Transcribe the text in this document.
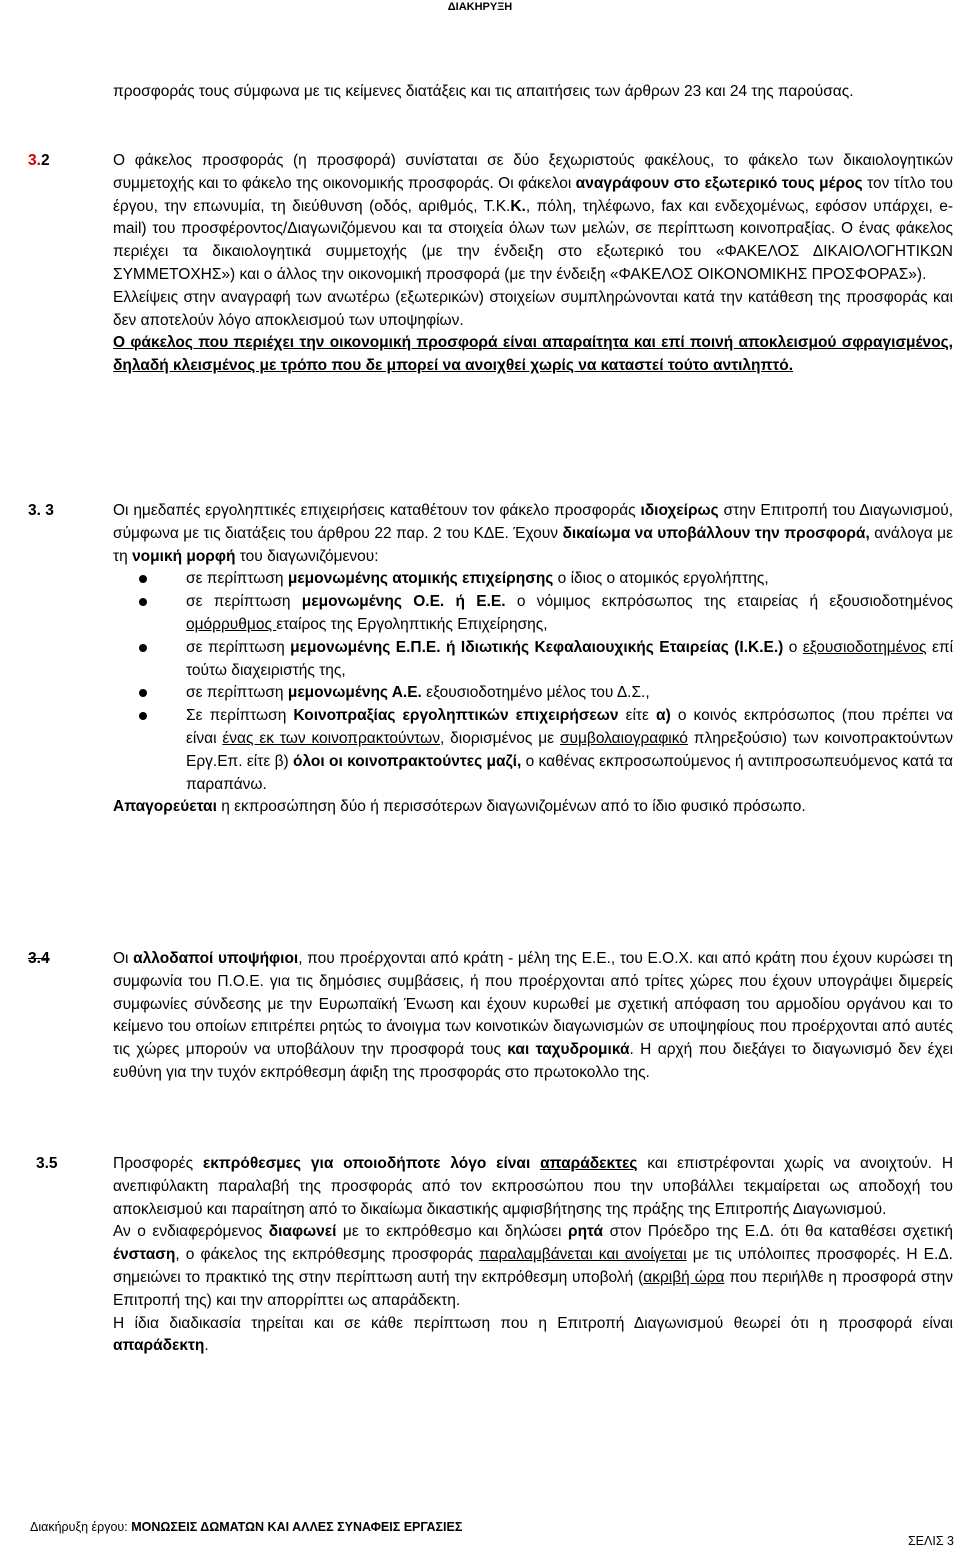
ΔΙΑΚΗΡΥΞΗ

προσφοράς τους σύμφωνα με τις κείμενες διατάξεις και τις απαιτήσεις των άρθρων 23 και 24 της παρούσας.

3.2	Ο φάκελος προσφοράς (η προσφορά) συνίσταται σε δύο ξεχωριστούς φακέλους, το φάκελο των δικαιολογητικών συμμετοχής και το φάκελο της οικονομικής προσφοράς. Οι φάκελοι αναγράφουν στο εξωτερικό τους μέρος τον τίτλο του έργου, την επωνυμία, τη διεύθυνση (οδός, αριθμός, Τ.Κ.Κ., πόλη, τηλέφωνο, fax και ενδεχομένως, εφόσον υπάρχει, e-mail) του προσφέροντος/Διαγωνιζόμενου και τα στοιχεία όλων των μελών, σε περίπτωση κοινοπραξίας. Ο ένας φάκελος περιέχει τα δικαιολογητικά συμμετοχής (με την ένδειξη στο εξωτερικό του «ΦΑΚΕΛΟΣ ΔΙΚΑΙΟΛΟΓΗΤΙΚΩΝ ΣΥΜΜΕΤΟΧΗΣ») και ο άλλος την οικονομική προσφορά (με την ένδειξη «ΦΑΚΕΛΟΣ ΟΙΚΟΝΟΜΙΚΗΣ ΠΡΟΣΦΟΡΑΣ»).

Ελλείψεις στην αναγραφή των ανωτέρω (εξωτερικών) στοιχείων συμπληρώνονται κατά την κατάθεση της προσφοράς και δεν αποτελούν λόγο αποκλεισμού των υποψηφίων.

Ο φάκελος που περιέχει την οικονομική προσφορά είναι απαραίτητα και επί ποινή αποκλεισμού σφραγισμένος, δηλαδή κλεισμένος με τρόπο που δε μπορεί να ανοιχθεί χωρίς να καταστεί τούτο αντιληπτό.

3. 3	Οι ημεδαπές εργοληπτικές επιχειρήσεις καταθέτουν τον φάκελο προσφοράς ιδιοχείρως στην Επιτροπή του Διαγωνισμού, σύμφωνα με τις διατάξεις του άρθρου 22 παρ. 2 του ΚΔΕ. Έχουν δικαίωμα να υποβάλλουν την προσφορά, ανάλογα με τη νομική μορφή του διαγωνιζόμενου:

σε περίπτωση μεμονωμένης ατομικής επιχείρησης ο ίδιος ο ατομικός εργολήπτης,
σε περίπτωση μεμονωμένης Ο.Ε. ή Ε.Ε. ο νόμιμος εκπρόσωπος της εταιρείας ή εξουσιοδοτημένος ομόρρυθμος εταίρος της Εργοληπτικής Επιχείρησης,
σε περίπτωση μεμονωμένης Ε.Π.Ε. ή Ιδιωτικής Κεφαλαιουχικής Εταιρείας (Ι.Κ.Ε.) ο εξουσιοδοτημένος επί τούτω διαχειριστής της,
σε περίπτωση μεμονωμένης Α.Ε. εξουσιοδοτημένο μέλος του Δ.Σ.,
Σε περίπτωση Κοινοπραξίας εργοληπτικών επιχειρήσεων είτε α) ο κοινός εκπρόσωπος (που πρέπει να είναι ένας εκ των κοινοπρακτούντων, διορισμένος με συμβολαιογραφικό πληρεξούσιο) των κοινοπρακτούντων Εργ.Επ. είτε β) όλοι οι κοινοπρακτούντες μαζί, ο καθένας εκπροσωπούμενος ή αντιπροσωπευόμενος κατά τα παραπάνω.

Απαγορεύεται η εκπροσώπηση δύο ή περισσότερων διαγωνιζομένων από το ίδιο φυσικό πρόσωπο.

3.4	Οι αλλοδαποί υποψήφιοι, που προέρχονται από κράτη - μέλη της Ε.Ε., του Ε.Ο.Χ. και από κράτη που έχουν κυρώσει τη συμφωνία του Π.Ο.Ε. για τις δημόσιες συμβάσεις, ή που προέρχονται από τρίτες χώρες που έχουν υπογράψει διμερείς συμφωνίες σύνδεσης με την Ευρωπαϊκή Ένωση και έχουν κυρωθεί με σχετική απόφαση του αρμοδίου οργάνου και το κείμενο του οποίων επιτρέπει ρητώς το άνοιγμα των κοινοτικών διαγωνισμών σε υποψηφίους που προέρχονται από αυτές τις χώρες μπορούν να υποβάλουν την προσφορά τους και ταχυδρομικά. Η αρχή που διεξάγει το διαγωνισμό δεν έχει ευθύνη για την τυχόν εκπρόθεσμη άφιξη της προσφοράς στο πρωτοκολλο της.

3.5	Προσφορές εκπρόθεσμες για οποιοδήποτε λόγο είναι απαράδεκτες και επιστρέφονται χωρίς να ανοιχτούν. Η ανεπιφύλακτη παραλαβή της προσφοράς από τον εκπροσώπου που την υποβάλλει τεκμαίρεται ως αποδοχή του αποκλεισμού και παραίτηση από το δικαίωμα δικαστικής αμφισβήτησης της πράξης της Επιτροπής Διαγωνισμού.

Αν ο ενδιαφερόμενος διαφωνεί με το εκπρόθεσμο και δηλώσει ρητά στον Πρόεδρο της Ε.Δ. ότι θα καταθέσει σχετική ένσταση, ο φάκελος της εκπρόθεσμης προσφοράς παραλαμβάνεται και ανοίγεται με τις υπόλοιπες προσφορές. Η Ε.Δ. σημειώνει το πρακτικό της στην περίπτωση αυτή την εκπρόθεσμη υποβολή (ακριβή ώρα που περιήλθε η προσφορά στην Επιτροπή της) και την απορρίπτει ως απαράδεκτη.

Η ίδια διαδικασία τηρείται και σε κάθε περίπτωση που η Επιτροπή Διαγωνισμού θεωρεί ότι η προσφορά είναι απαράδεκτη.

Διακήρυξη έργου: ΜΟΝΩΣΕΙΣ ΔΩΜΑΤΩΝ ΚΑΙ ΑΛΛΕΣ ΣΥΝΑΦΕΙΣ ΕΡΓΑΣΙΕΣ
ΣΕΛΙΣ 3
